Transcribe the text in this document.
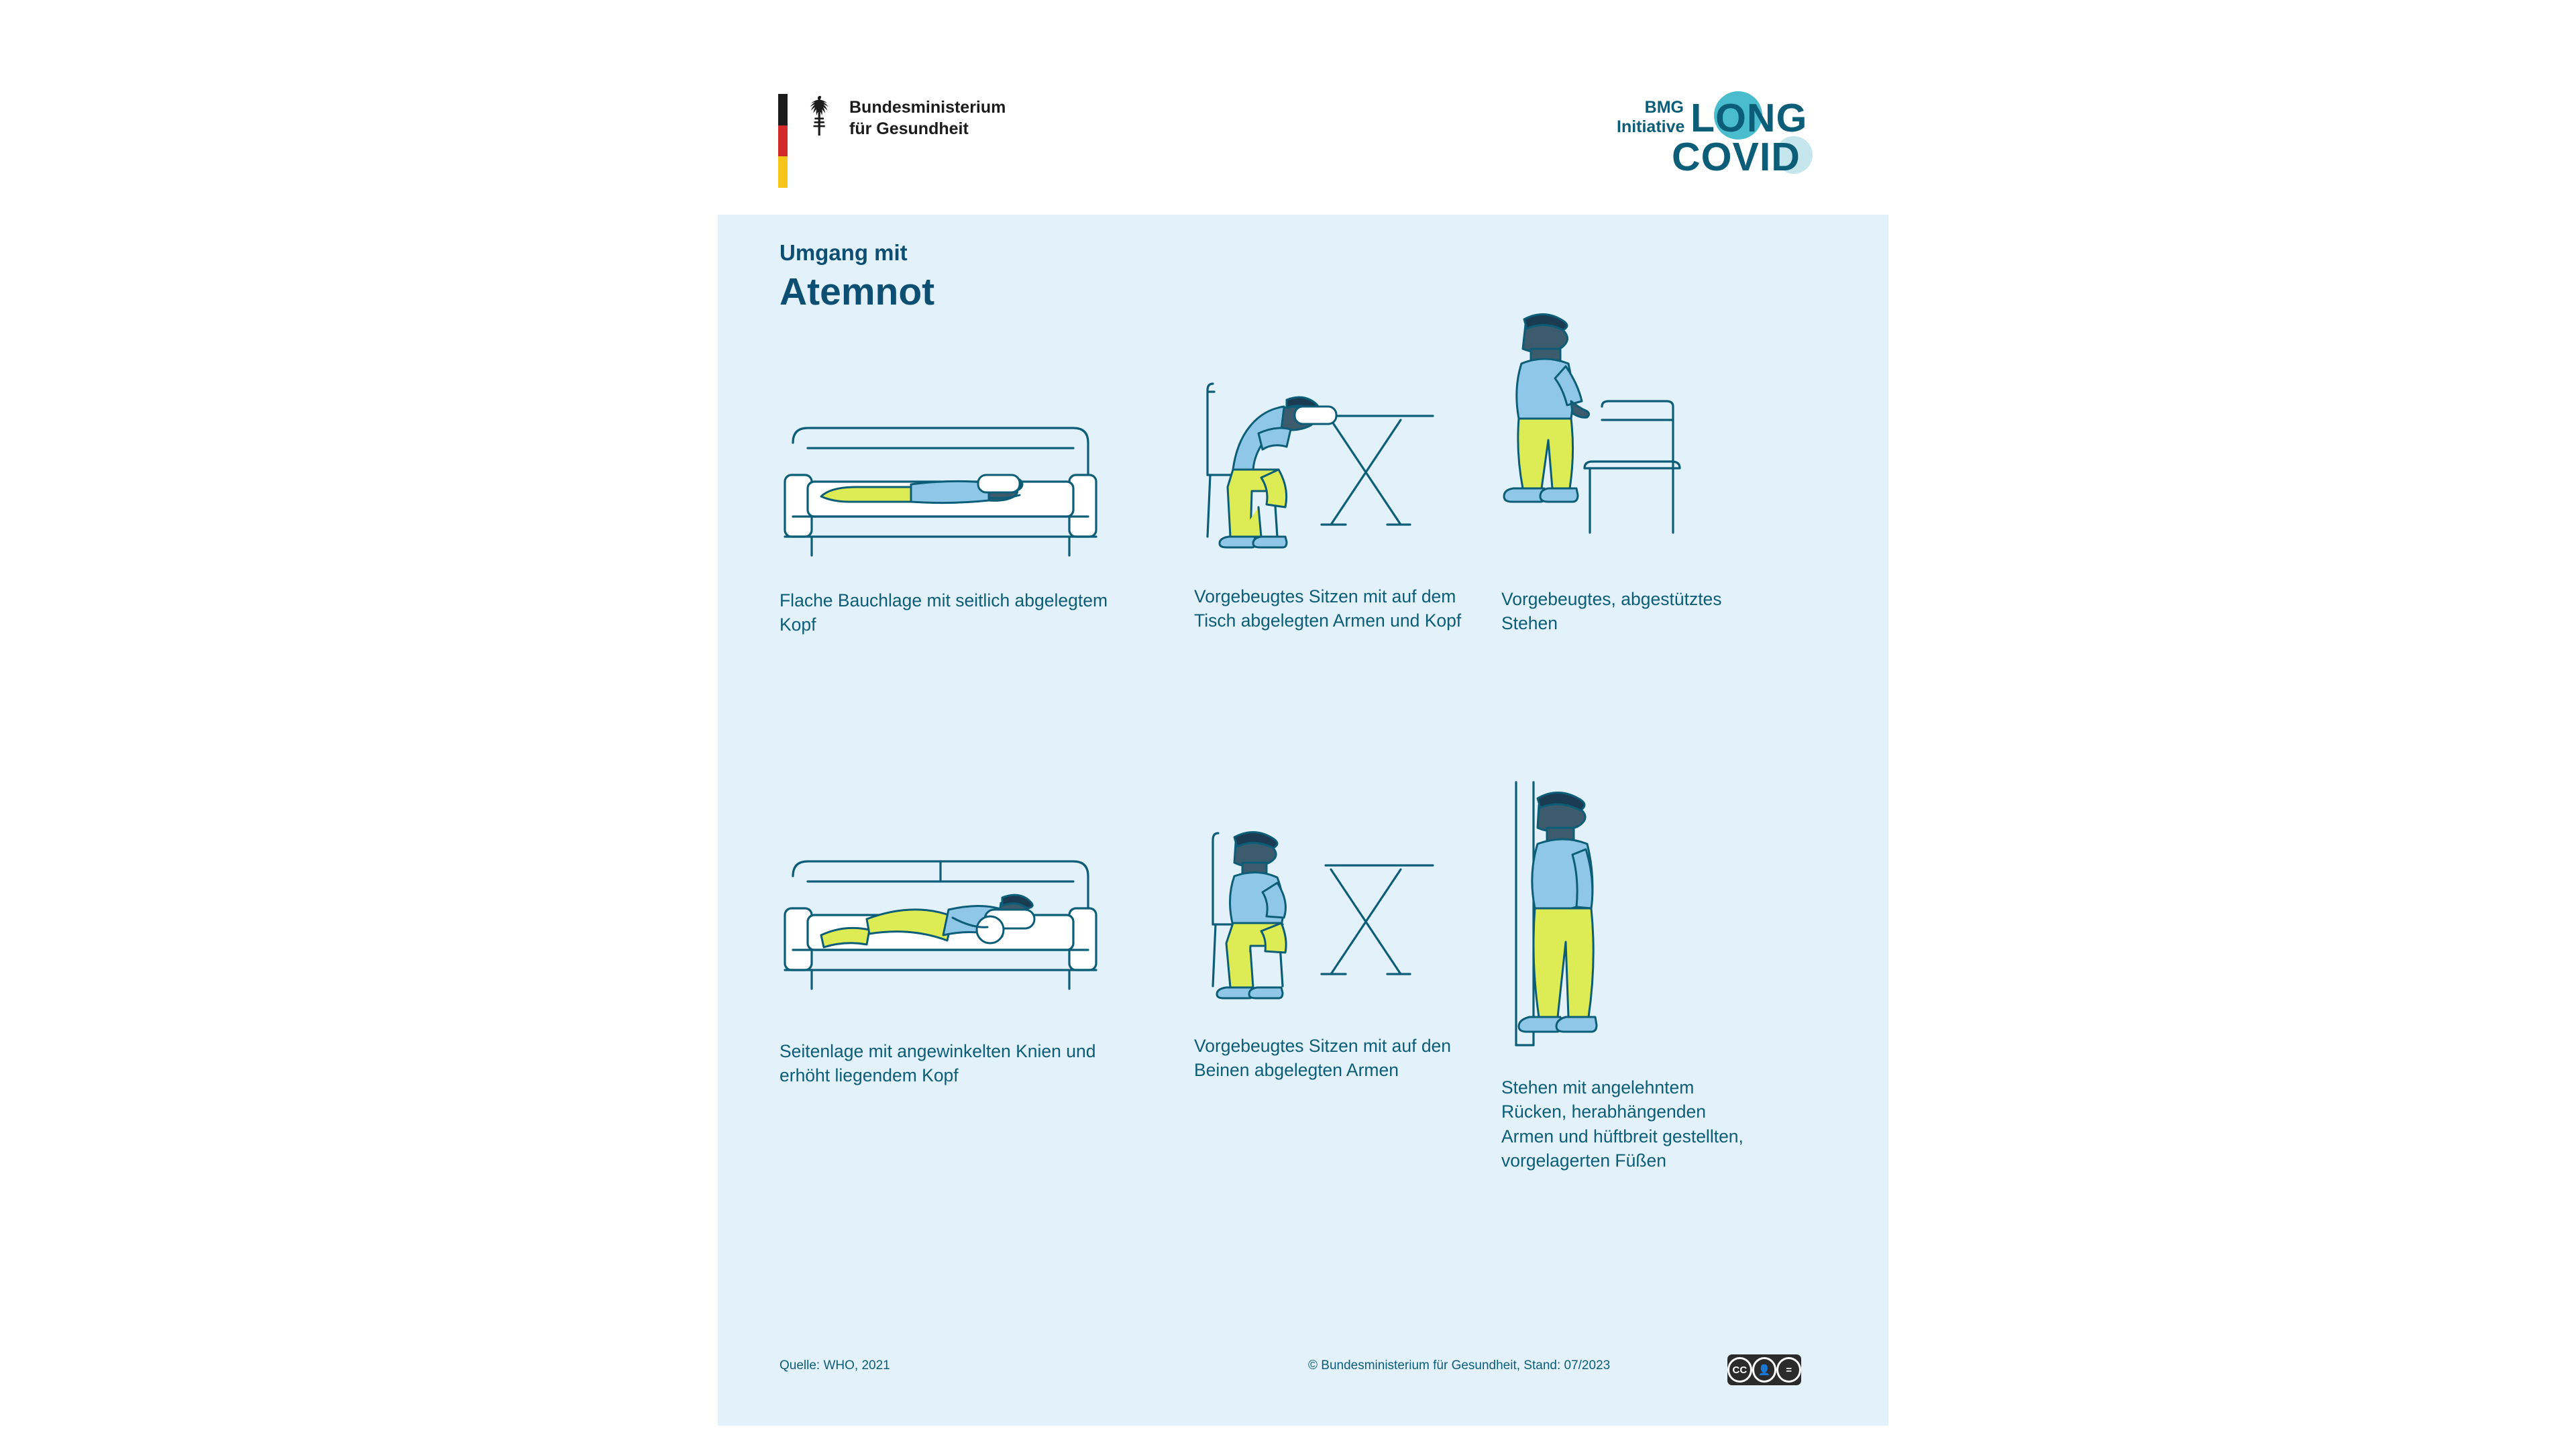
Bundesministerium
für Gesundheit
BMG
Initiative LONG
COVID
Umgang mit
Atemnot
Flache Bauchlage mit seitlich abgelegtem Kopf
Vorgebeugtes Sitzen mit auf dem Tisch abgelegten Armen und Kopf
Vorgebeugtes, abgestütztes Stehen
Seitenlage mit angewinkelten Knien und erhöht liegendem Kopf
Vorgebeugtes Sitzen mit auf den Beinen abgelegten Armen
Stehen mit angelehntem Rücken, herabhängenden Armen und hüftbreit gestellten, vorgelagerten Füßen
Quelle: WHO, 2021	© Bundesministerium für Gesundheit, Stand: 07/2023	CC	👤	=
